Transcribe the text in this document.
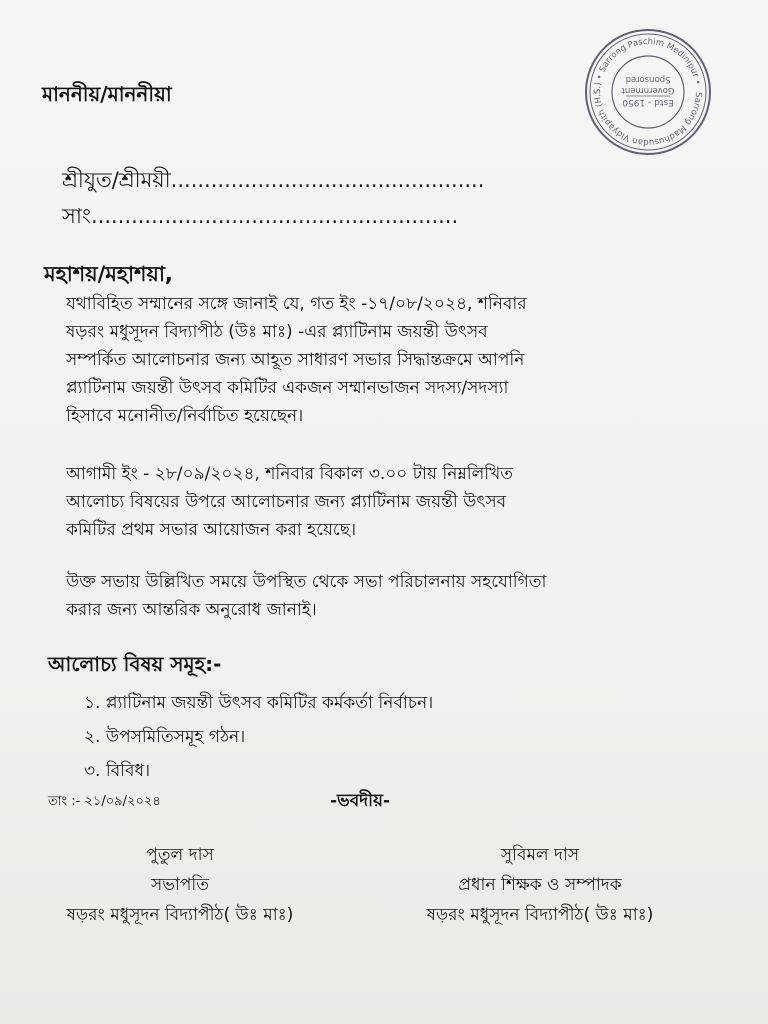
Sarrong Madhusudan Vidyapith (H.S.) • Sarrong Paschim Medinipur •
Estd - 1950
Government
Sponsored
মাননীয়/মাননীয়া
শ্রীযুত/শ্রীময়ী...............................................
সাং.......................................................
মহাশয়/মহাশয়া,
যথাবিহিত সম্মানের সঙ্গে জানাই যে, গত ইং -১৭/০৮/২০২৪, শনিবার
ষড়রং মধুসূদন বিদ্যাপীঠ (উঃ মাঃ) -এর প্ল্যাটিনাম জয়ন্তী উৎসব
সম্পর্কিত আলোচনার জন্য আহূত সাধারণ সভার সিদ্ধান্তক্রমে আপনি
প্ল্যাটিনাম জয়ন্তী উৎসব কমিটির একজন সম্মানভাজন সদস্য/সদস্যা
হিসাবে মনোনীত/নির্বাচিত হয়েছেন।
আগামী ইং - ২৮/০৯/২০২৪, শনিবার বিকাল ৩.০০ টায় নিম্নলিখিত
আলোচ্য বিষয়ের উপরে আলোচনার জন্য প্ল্যাটিনাম জয়ন্তী উৎসব
কমিটির প্রথম সভার আয়োজন করা হয়েছে।
উক্ত সভায় উল্লিখিত সময়ে উপস্থিত থেকে সভা পরিচালনায় সহযোগিতা
করার জন্য আন্তরিক অনুরোধ জানাই।
আলোচ্য বিষয় সমূহ:-
১. প্ল্যাটিনাম জয়ন্তী উৎসব কমিটির কর্মকর্তা নির্বাচন।
২. উপসমিতিসমূহ গঠন।
৩. বিবিধ।
তাং :- ২১/০৯/২০২৪	-ভবদীয়-
পুতুল দাস
সভাপতি
ষড়রং মধুসূদন বিদ্যাপীঠ( উঃ মাঃ)
সুবিমল দাস
প্রধান শিক্ষক ও সম্পাদক
ষড়রং মধুসূদন বিদ্যাপীঠ( উঃ মাঃ)
